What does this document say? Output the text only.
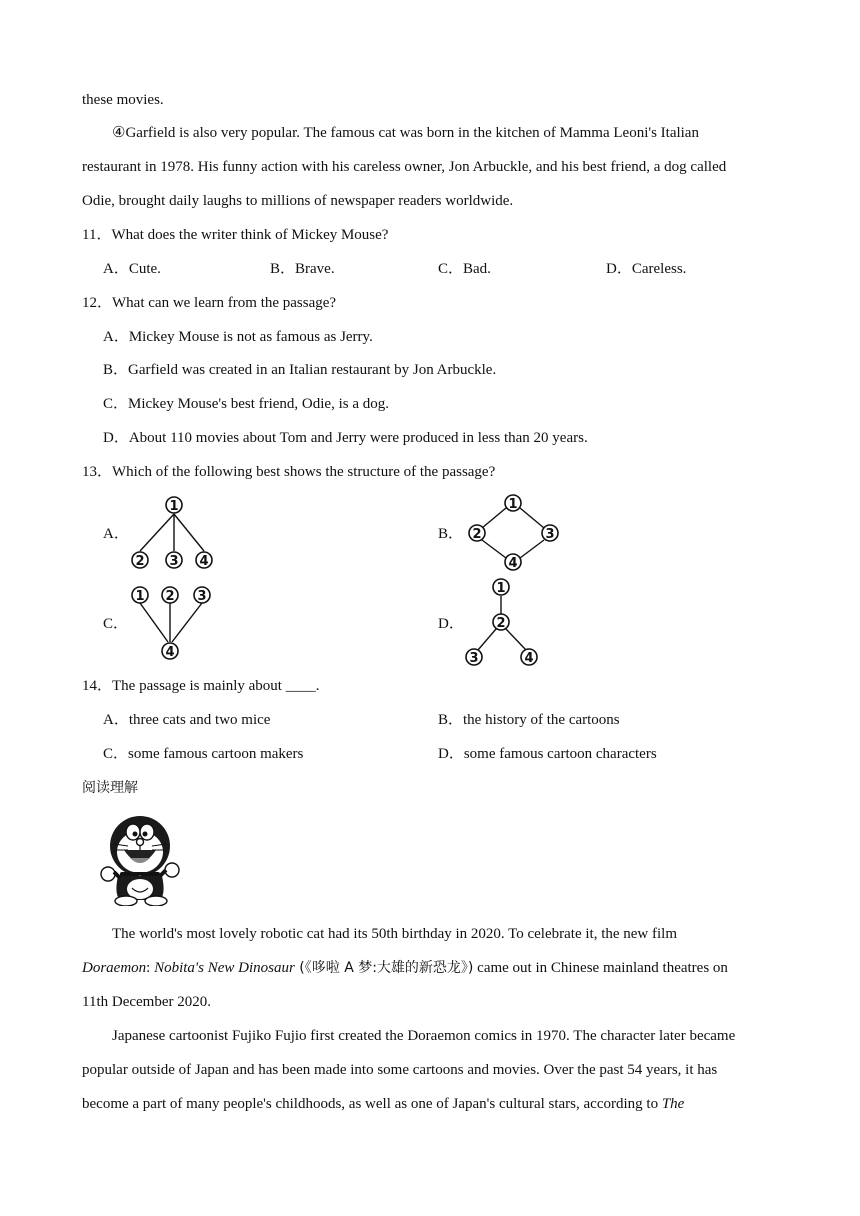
these movies.
④Garfield is also very popular. The famous cat was born in the kitchen of Mamma Leoni's Italian
restaurant in 1978. His funny action with his careless owner, Jon Arbuckle, and his best friend, a dog called
Odie, brought daily laughs to millions of newspaper readers worldwide.
11．What does the writer think of Mickey Mouse?
A．Cute.	B．Brave.	C．Bad.	D．Careless.
12．What can we learn from the passage?
A．Mickey Mouse is not as famous as Jerry.
B．Garfield was created in an Italian restaurant by Jon Arbuckle.
C．Mickey Mouse's best friend, Odie, is a dog.
D．About 110 movies about Tom and Jerry were produced in less than 20 years.
13．Which of the following best shows the structure of the passage?
A．	B．
C．	D．
1
2 3 4
1
2	3
4
1 2 3
4
1
2
3	4
14．The passage is mainly about ____.
A．three cats and two mice	B．the history of the cartoons
C．some famous cartoon makers	D．some famous cartoon characters
阅读理解
The world's most lovely robotic cat had its 50th birthday in 2020. To celebrate it, the new film
Doraemon: Nobita's New Dinosaur (《哆啦 A 梦:大雄的新恐龙》) came out in Chinese mainland theatres on
11th December 2020.
Japanese cartoonist Fujiko Fujio first created the Doraemon comics in 1970. The character later became
popular outside of Japan and has been made into some cartoons and movies. Over the past 54 years, it has
become a part of many people's childhoods, as well as one of Japan's cultural stars, according to The
